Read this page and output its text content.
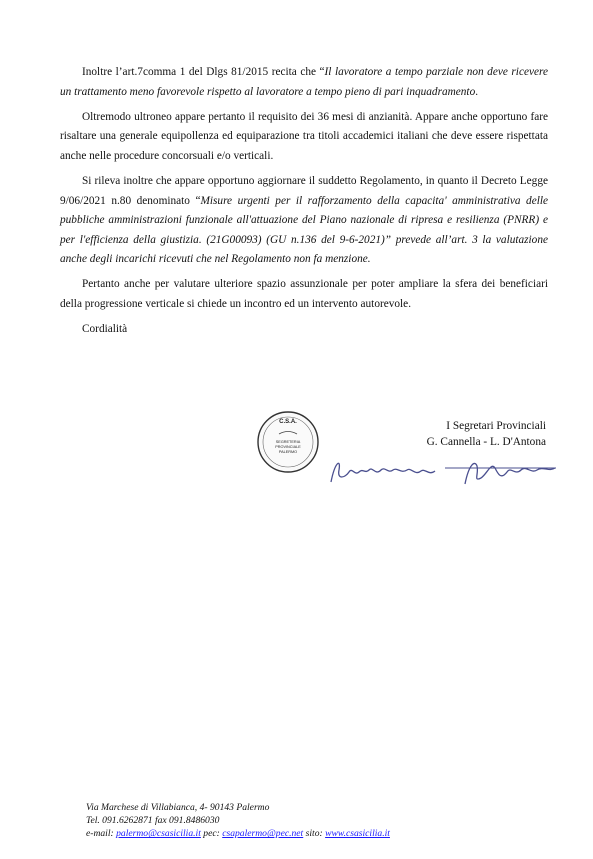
Inoltre l’art.7comma 1 del Dlgs 81/2015 recita che “Il lavoratore a tempo parziale non deve ricevere un trattamento meno favorevole rispetto al lavoratore a tempo pieno di pari inquadramento.

Oltremodo ultroneo appare pertanto il requisito dei 36 mesi di anzianità. Appare anche opportuno fare risaltare una generale equipollenza ed equiparazione tra titoli accademici italiani che deve essere rispettata anche nelle procedure concorsuali e/o verticali.

Si rileva inoltre che appare opportuno aggiornare il suddetto Regolamento, in quanto il Decreto Legge 9/06/2021 n.80 denominato “Misure urgenti per il rafforzamento della capacita' amministrativa delle pubbliche amministrazioni funzionale all'attuazione del Piano nazionale di ripresa e resilienza (PNRR) e per l'efficienza della giustizia. (21G00093) (GU n.136 del 9-6-2021)” prevede all’art. 3 la valutazione anche degli incarichi ricevuti che nel Regolamento non fa menzione.

Pertanto anche per valutare ulteriore spazio assunzionale per poter ampliare la sfera dei beneficiari della progressione verticale si chiede un incontro ed un intervento autorevole.

Cordialità

C.S.A.
SEGRETERIA
PROVINCIALE
PALERMO
I Segretari Provinciali
G. Cannella - L. D'Antona
Via Marchese di Villabianca, 4- 90143 Palermo
Tel. 091.6262871 fax 091.8486030
e-mail: palermo@csasicilia.it pec: csapalermo@pec.net sito: www.csasicilia.it
